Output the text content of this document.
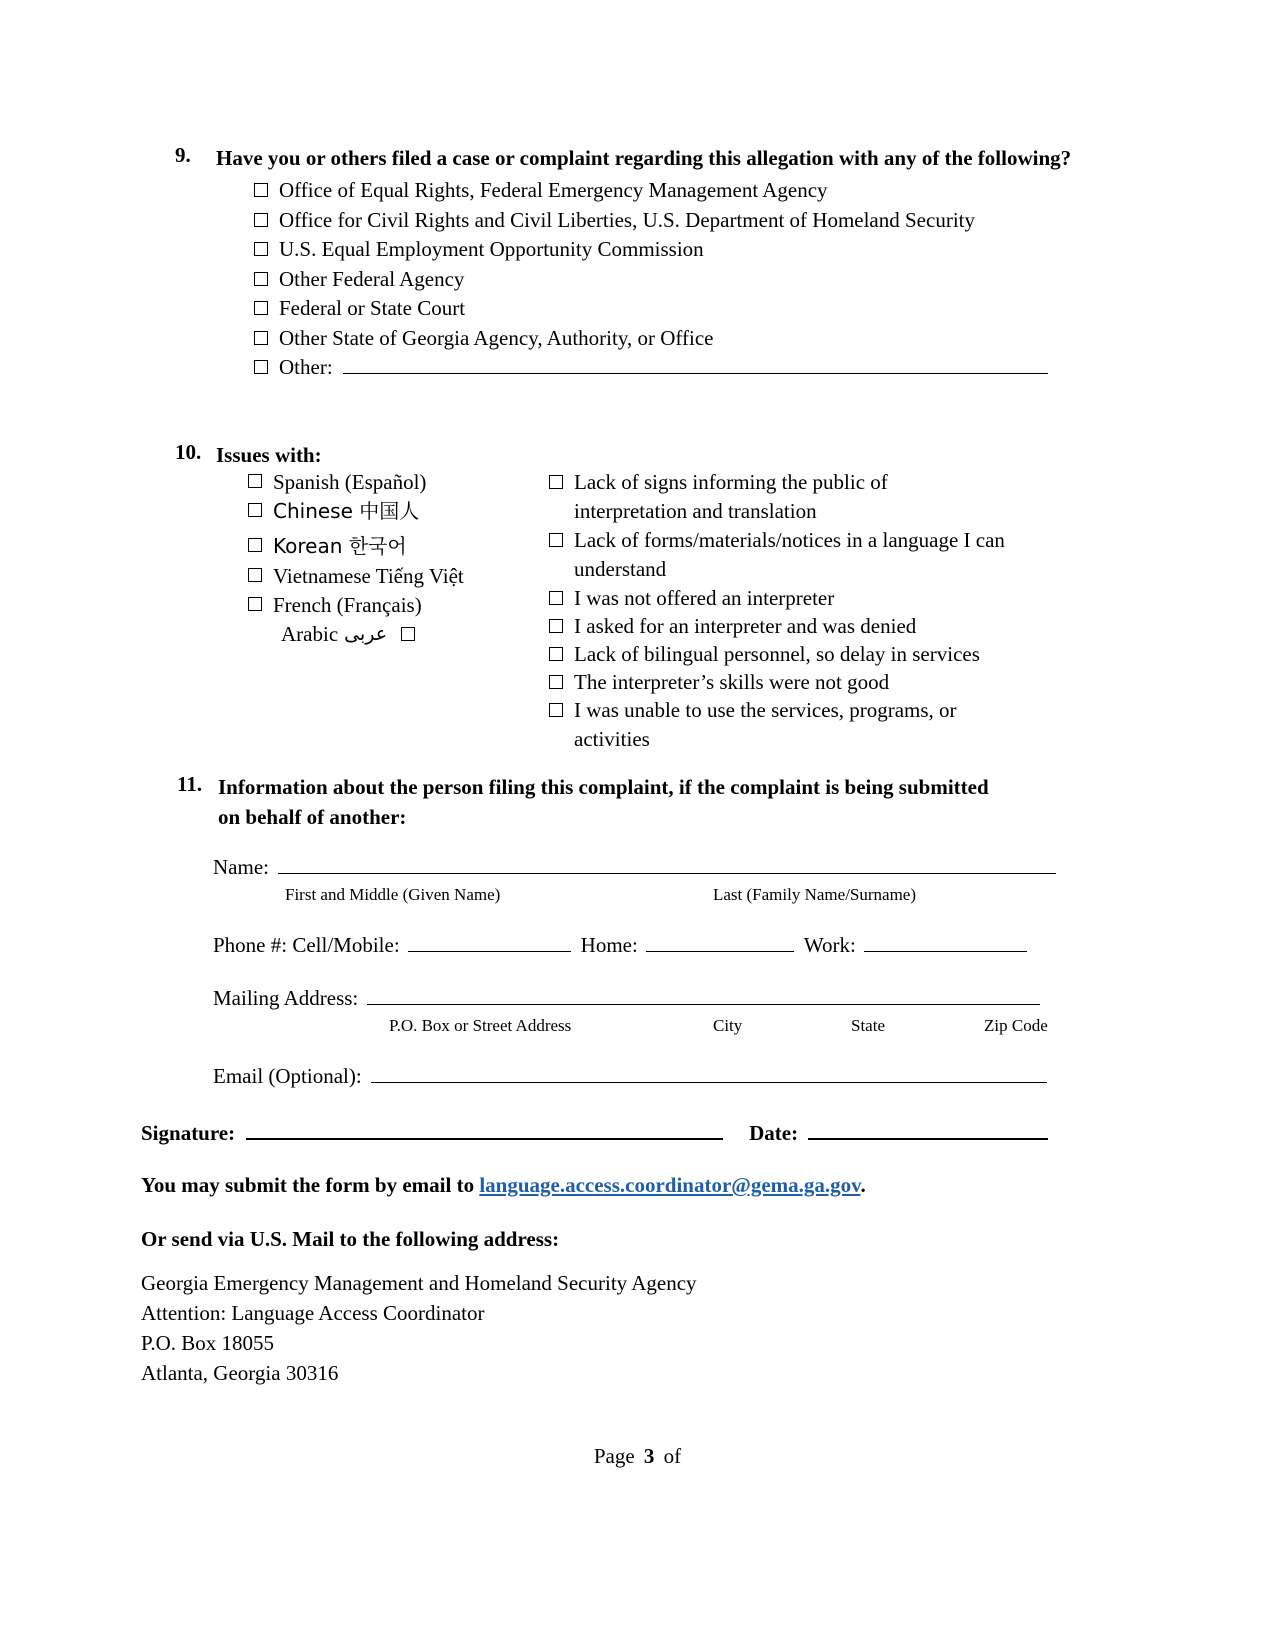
9. Have you or others filed a case or complaint regarding this allegation with any of the following?
Office of Equal Rights, Federal Emergency Management Agency
Office for Civil Rights and Civil Liberties, U.S. Department of Homeland Security
U.S. Equal Employment Opportunity Commission
Other Federal Agency
Federal or State Court
Other State of Georgia Agency, Authority, or Office
Other:
10. Issues with:
Spanish (Español)
Chinese 中国人
Korean 한국어
Vietnamese Tiếng Việt
French (Français)
Arabic عربی
Lack of signs informing the public of interpretation and translation
Lack of forms/materials/notices in a language I can understand
I was not offered an interpreter
I asked for an interpreter and was denied
Lack of bilingual personnel, so delay in services
The interpreter’s skills were not good
I was unable to use the services, programs, or activities
11. Information about the person filing this complaint, if the complaint is being submitted on behalf of another:
Name:
First and Middle (Given Name)	Last (Family Name/Surname)
Phone #: Cell/Mobile:	Home:	Work:
Mailing Address:
P.O. Box or Street Address	City	State	Zip Code
Email (Optional):
Signature:	Date:
You may submit the form by email to language.access.coordinator@gema.ga.gov.
Or send via U.S. Mail to the following address:
Georgia Emergency Management and Homeland Security Agency
Attention: Language Access Coordinator
P.O. Box 18055
Atlanta, Georgia 30316
Page 3 of
